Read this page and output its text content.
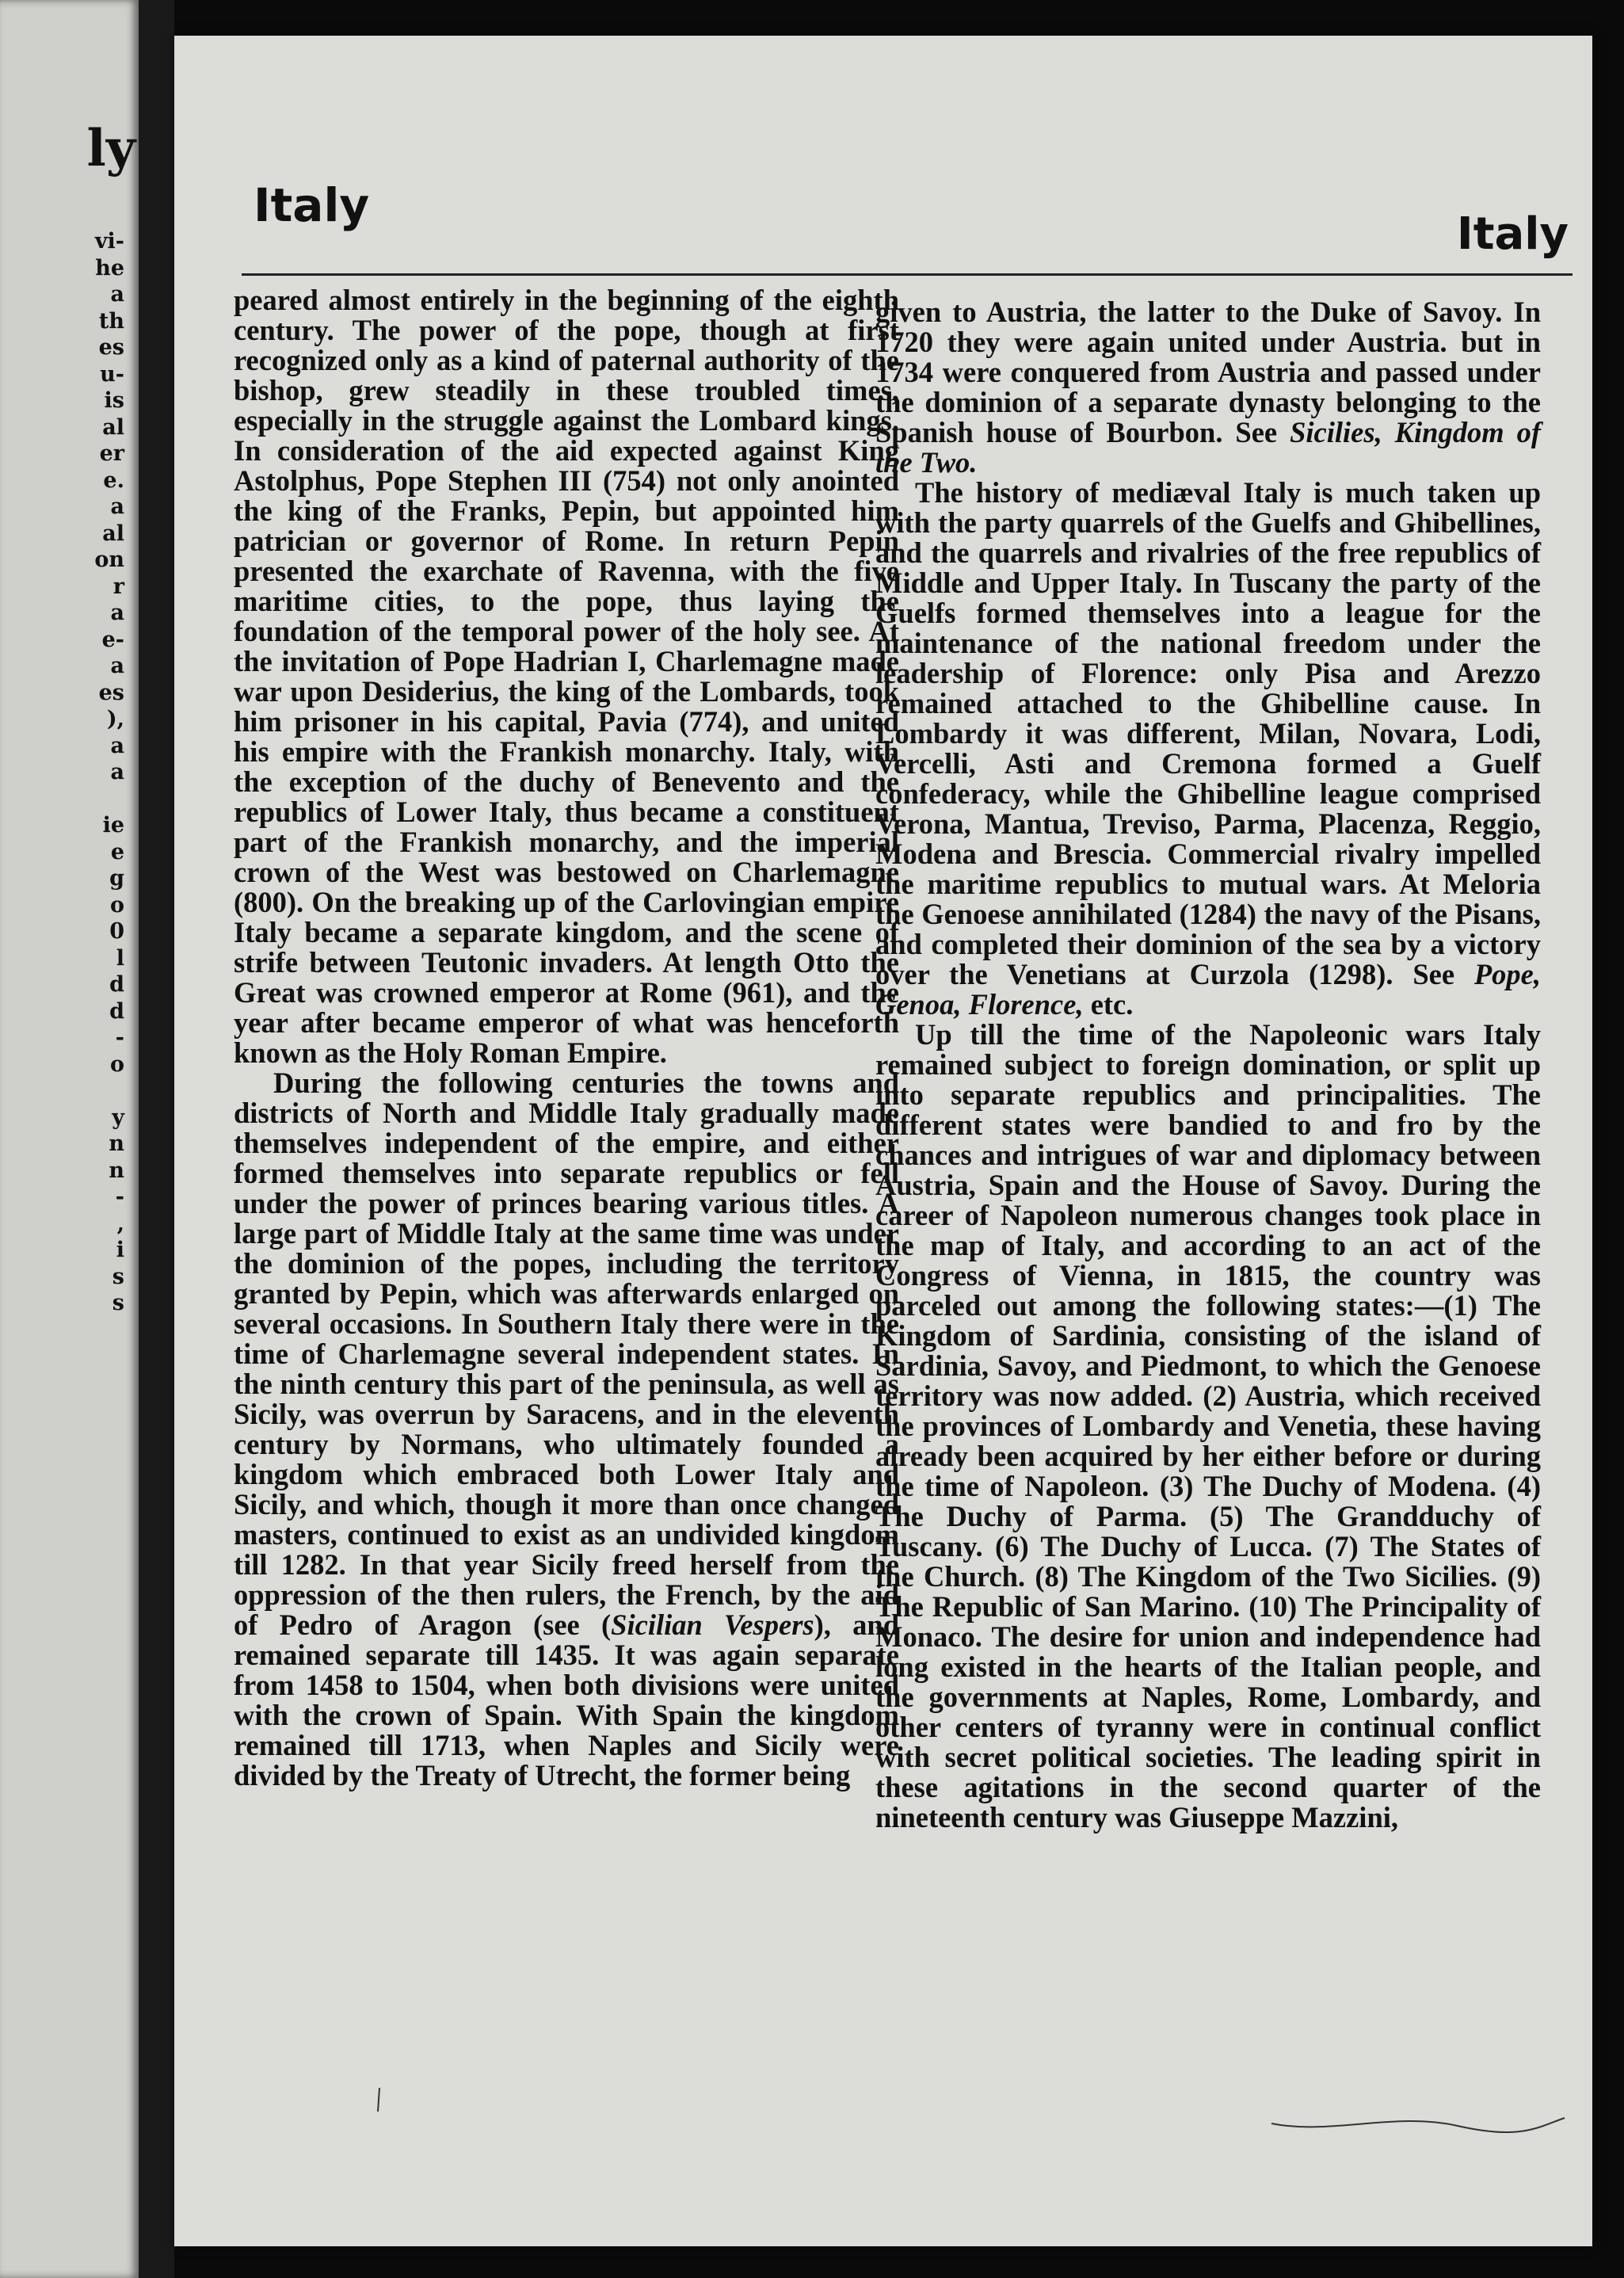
ly
vi-
he
a
th
es
u-
is
al
er
e.
a
al
on
r
a
e-
a
es
),
a
a
ie
e
g
o
0
l
d
d
-
o
y
n
n
-
,
i
s
s
Italy
Italy

peared almost entirely in the beginning of the eighth century. The power of the pope, though at first recognized only as a kind of paternal authority of the bishop, grew steadily in these troubled times, especially in the struggle against the Lombard kings. In consideration of the aid expected against King Astolphus, Pope Stephen III (754) not only anointed the king of the Franks, Pepin, but appointed him patrician or governor of Rome. In return Pepin presented the exarchate of Ravenna, with the five maritime cities, to the pope, thus laying the foundation of the temporal power of the holy see. At the invitation of Pope Hadrian I, Charlemagne made war upon Desiderius, the king of the Lombards, took him prisoner in his capital, Pavia (774), and united his empire with the Frankish monarchy. Italy, with the exception of the duchy of Benevento and the republics of Lower Italy, thus became a constituent part of the Frankish monarchy, and the imperial crown of the West was bestowed on Charlemagne (800). On the breaking up of the Carlovingian empire Italy became a separate kingdom, and the scene of strife between Teutonic invaders. At length Otto the Great was crowned emperor at Rome (961), and the year after became emperor of what was henceforth known as the Holy Roman Empire.

During the following centuries the towns and districts of North and Middle Italy gradually made themselves independent of the empire, and either formed themselves into separate republics or fell under the power of princes bearing various titles. A large part of Middle Italy at the same time was under the dominion of the popes, including the territory granted by Pepin, which was afterwards enlarged on several occasions. In Southern Italy there were in the time of Charlemagne several independent states. In the ninth century this part of the peninsula, as well as Sicily, was overrun by Saracens, and in the eleventh century by Normans, who ultimately founded a kingdom which embraced both Lower Italy and Sicily, and which, though it more than once changed masters, continued to exist as an undivided kingdom till 1282. In that year Sicily freed herself from the oppression of the then rulers, the French, by the aid of Pedro of Aragon (see (Sicilian Vespers), and remained separate till 1435. It was again separate from 1458 to 1504, when both divisions were united with the crown of Spain. With Spain the kingdom remained till 1713, when Naples and Sicily were divided by the Treaty of Utrecht, the former being

given to Austria, the latter to the Duke of Savoy. In 1720 they were again united under Austria. but in 1734 were conquered from Austria and passed under the dominion of a separate dynasty belonging to the Spanish house of Bourbon. See Sicilies, Kingdom of the Two.

The history of mediæval Italy is much taken up with the party quarrels of the Guelfs and Ghibellines, and the quarrels and rivalries of the free republics of Middle and Upper Italy. In Tuscany the party of the Guelfs formed themselves into a league for the maintenance of the national freedom under the leadership of Florence: only Pisa and Arezzo remained attached to the Ghibelline cause. In Lombardy it was different, Milan, Novara, Lodi, Vercelli, Asti and Cremona formed a Guelf confederacy, while the Ghibelline league comprised Verona, Mantua, Treviso, Parma, Placenza, Reggio, Modena and Brescia. Commercial rivalry impelled the maritime republics to mutual wars. At Meloria the Genoese annihilated (1284) the navy of the Pisans, and completed their dominion of the sea by a victory over the Venetians at Curzola (1298). See Pope, Genoa, Florence, etc.

Up till the time of the Napoleonic wars Italy remained subject to foreign domination, or split up into separate republics and principalities. The different states were bandied to and fro by the chances and intrigues of war and diplomacy between Austria, Spain and the House of Savoy. During the career of Napoleon numerous changes took place in the map of Italy, and according to an act of the Congress of Vienna, in 1815, the country was parceled out among the following states:—(1) The Kingdom of Sardinia, consisting of the island of Sardinia, Savoy, and Piedmont, to which the Genoese territory was now added. (2) Austria, which received the provinces of Lombardy and Venetia, these having already been acquired by her either before or during the time of Napoleon. (3) The Duchy of Modena. (4) The Duchy of Parma. (5) The Grandduchy of Tuscany. (6) The Duchy of Lucca. (7) The States of the Church. (8) The Kingdom of the Two Sicilies. (9) The Republic of San Marino. (10) The Principality of Monaco. The desire for union and independence had long existed in the hearts of the Italian people, and the governments at Naples, Rome, Lombardy, and other centers of tyranny were in continual conflict with secret political societies. The leading spirit in these agitations in the second quarter of the nineteenth century was Giuseppe Mazzini,
